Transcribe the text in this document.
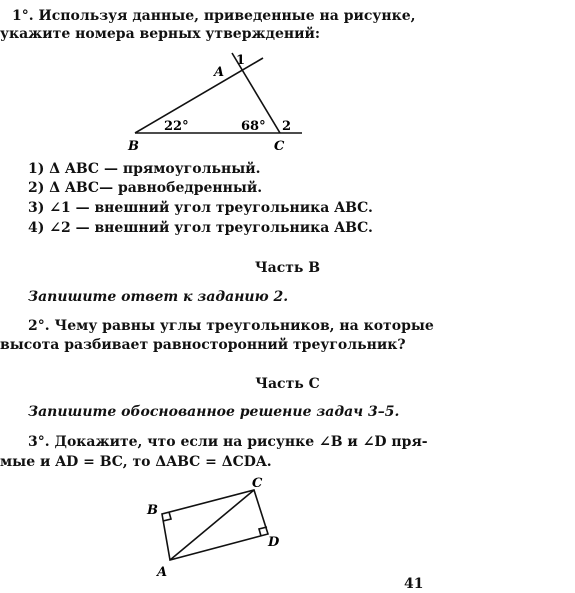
1°. Используя данные, приведенные на рисунке,
укажите номера верных утверждений:
A
1
B	C
2
22°	68°
1) Δ ABC — прямоугольный.
2) Δ ABC— равнобедренный.
3) ∠1 — внешний угол треугольника ABC.
4) ∠2 — внешний угол треугольника ABC.
Часть B
Запишите ответ к заданию 2.
2°. Чему равны углы треугольников, на которые
высота разбивает равносторонний треугольник?
Часть C
Запишите обоснованное решение задач 3–5.
3°. Докажите, что если на рисунке ∠B и ∠D пря-
мые и AD = BC, то ΔABC = ΔCDA.
A
B
C
D
41
